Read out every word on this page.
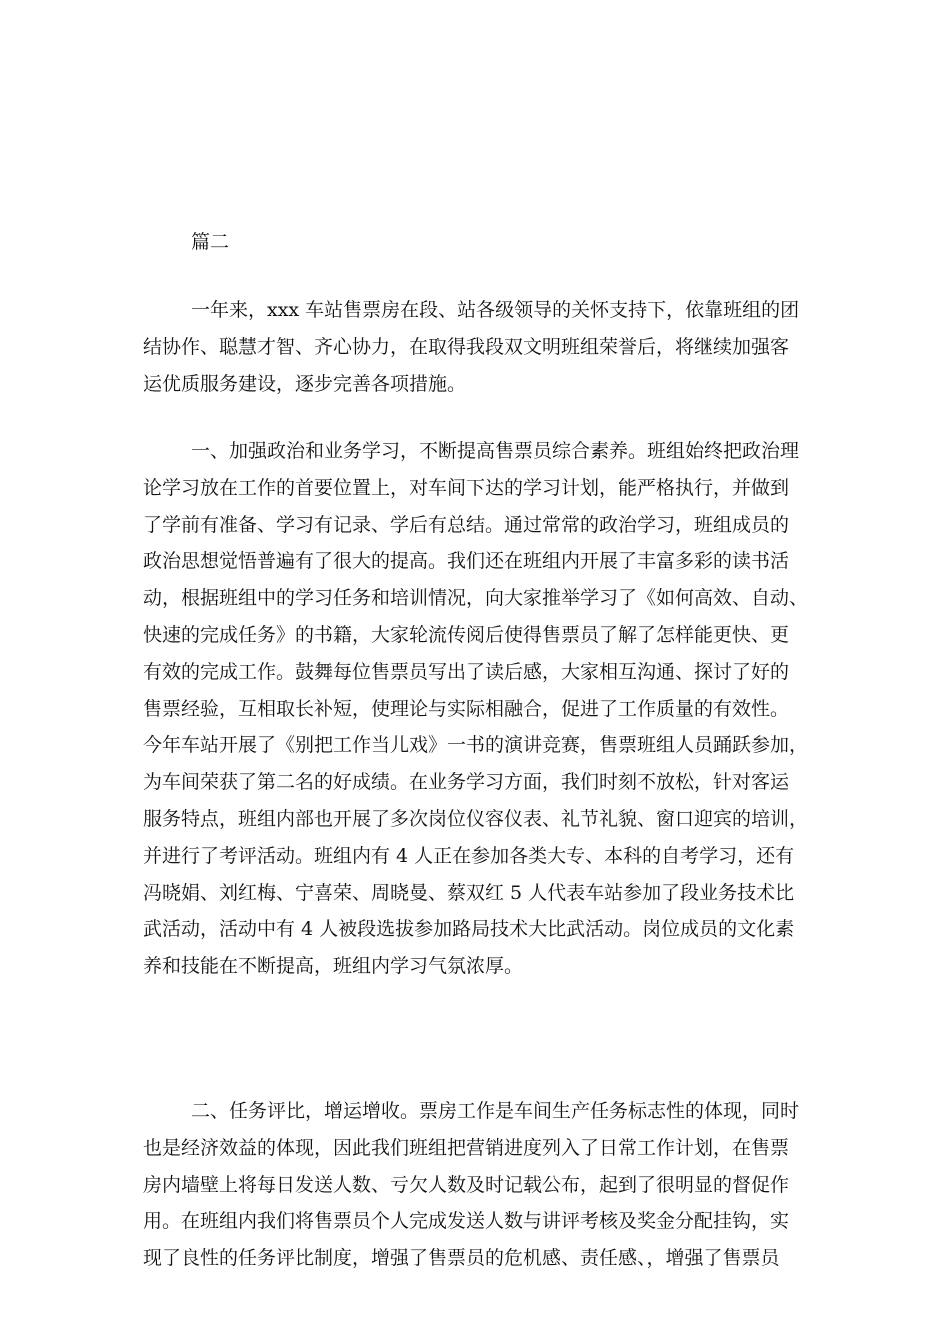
篇二
一年来，xxx 车站售票房在段、站各级领导的关怀支持下，依靠班组的团
结协作、聪慧才智、齐心协力，在取得我段双文明班组荣誉后，将继续加强客
运优质服务建设，逐步完善各项措施。
一、加强政治和业务学习，不断提高售票员综合素养。班组始终把政治理
论学习放在工作的首要位置上，对车间下达的学习计划，能严格执行，并做到
了学前有准备、学习有记录、学后有总结。通过常常的政治学习，班组成员的
政治思想觉悟普遍有了很大的提高。我们还在班组内开展了丰富多彩的读书活
动，根据班组中的学习任务和培训情况，向大家推举学习了《如何高效、自动、
快速的完成任务》的书籍，大家轮流传阅后使得售票员了解了怎样能更快、更
有效的完成工作。鼓舞每位售票员写出了读后感，大家相互沟通、探讨了好的
售票经验，互相取长补短，使理论与实际相融合，促进了工作质量的有效性。
今年车站开展了《别把工作当儿戏》一书的演讲竞赛，售票班组人员踊跃参加，
为车间荣获了第二名的好成绩。在业务学习方面，我们时刻不放松，针对客运
服务特点，班组内部也开展了多次岗位仪容仪表、礼节礼貌、窗口迎宾的培训，
并进行了考评活动。班组内有 4 人正在参加各类大专、本科的自考学习，还有
冯晓娟、刘红梅、宁喜荣、周晓曼、蔡双红 5 人代表车站参加了段业务技术比
武活动，活动中有 4 人被段选拔参加路局技术大比武活动。岗位成员的文化素
养和技能在不断提高，班组内学习气氛浓厚。
二、任务评比，增运增收。票房工作是车间生产任务标志性的体现，同时
也是经济效益的体现，因此我们班组把营销进度列入了日常工作计划，在售票
房内墙壁上将每日发送人数、亏欠人数及时记载公布，起到了很明显的督促作
用。在班组内我们将售票员个人完成发送人数与讲评考核及奖金分配挂钩，实
现了良性的任务评比制度，增强了售票员的危机感、责任感、，增强了售票员
